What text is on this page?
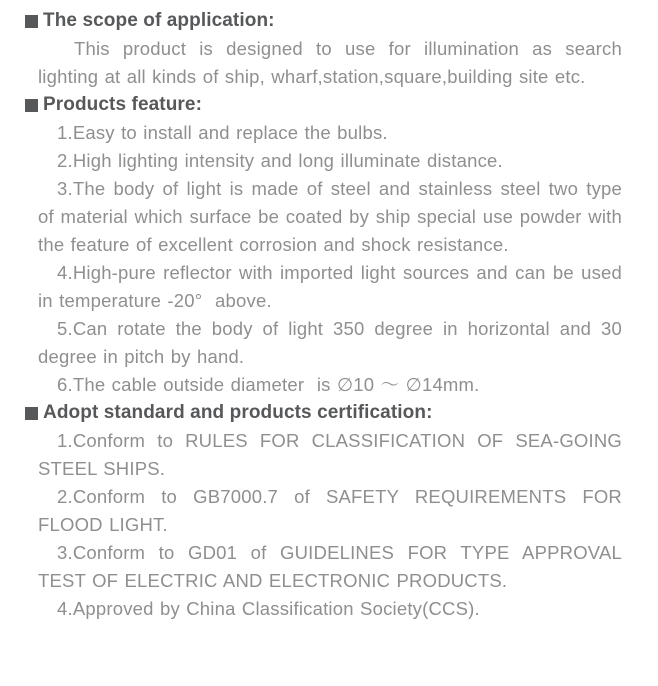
The scope of application:

This product is designed to use for illumination as search lighting at all kinds of ship, wharf,station,square,building site etc.

Products feature:

1.Easy to install and replace the bulbs.

2.High lighting intensity and long illuminate distance.

3.The body of light is made of steel and stainless steel two type of material which surface be coated by ship special use powder with the feature of excellent corrosion and shock resistance.

4.High-pure reflector with imported light sources and can be used in temperature -20°  above.

5.Can rotate the body of light 350 degree in horizontal and 30 degree in pitch by hand.

6.The cable outside diameter  is ∅10 ～ ∅14mm.

Adopt standard and products certification:

1.Conform to RULES FOR CLASSIFICATION OF SEA-GOING STEEL SHIPS.

2.Conform to GB7000.7 of SAFETY REQUIREMENTS FOR FLOOD LIGHT.

3.Conform to GD01 of GUIDELINES FOR TYPE APPROVAL TEST OF ELECTRIC AND ELECTRONIC PRODUCTS.

4.Approved by China Classification Society(CCS).
